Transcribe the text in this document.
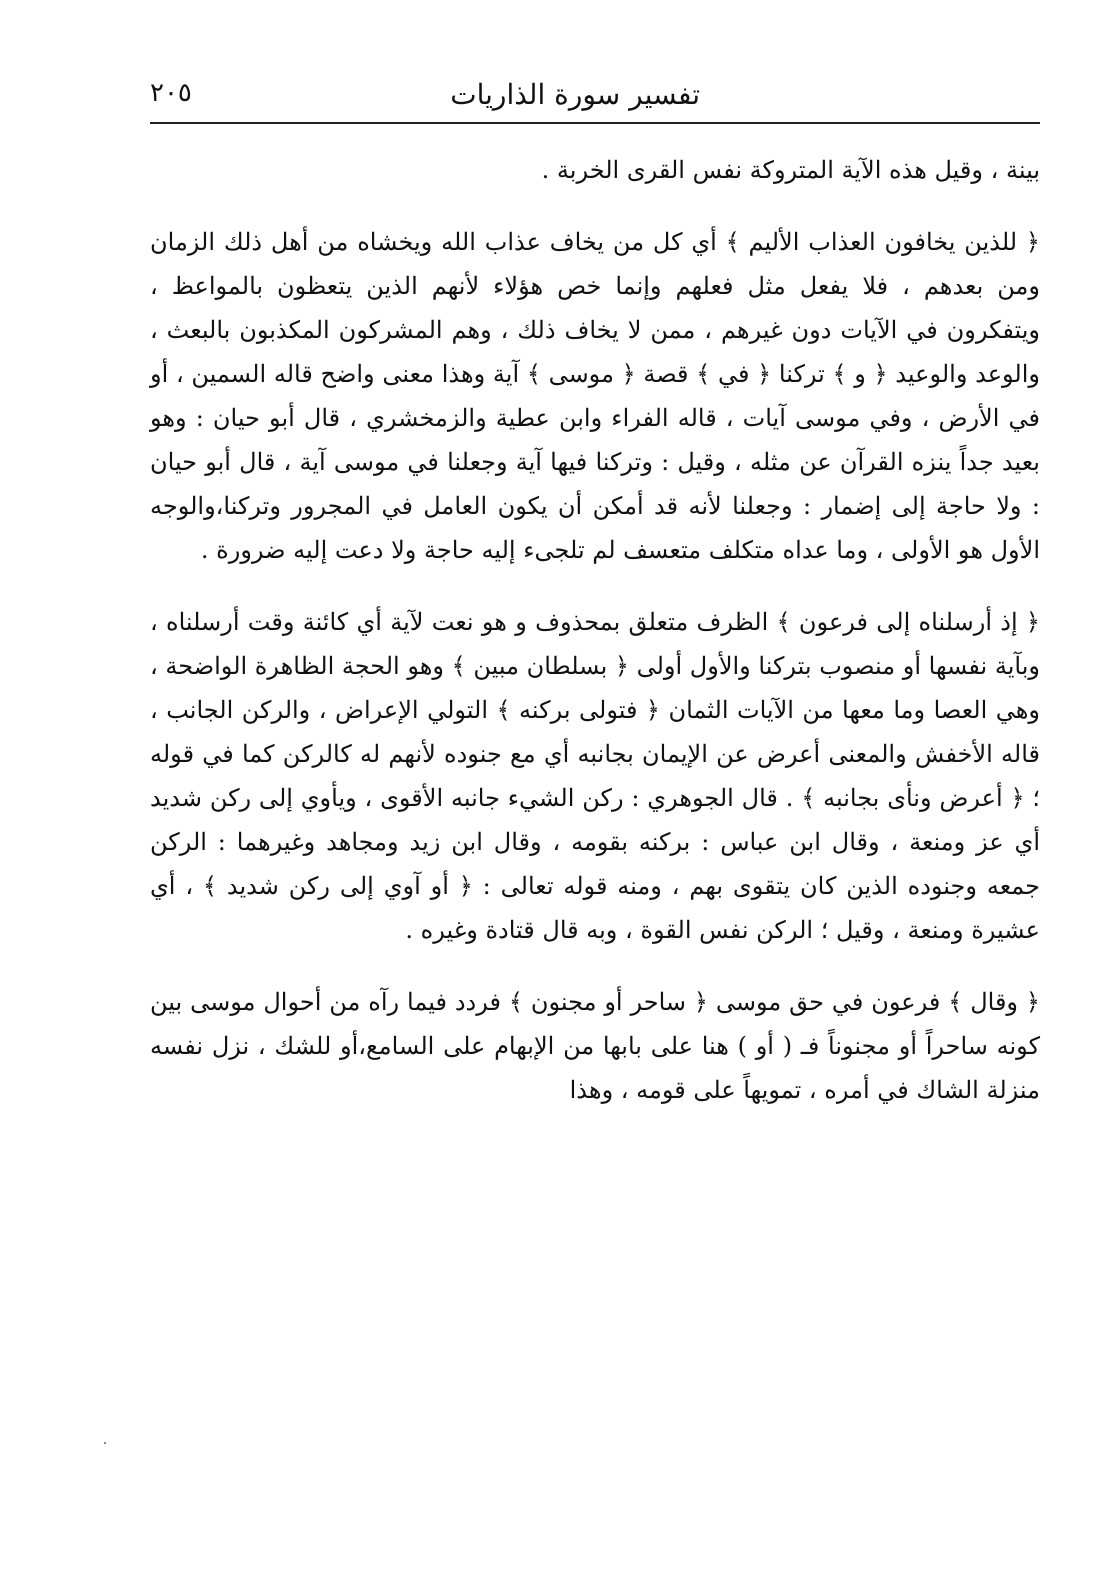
تفسير سورة الذاريات
٢٠٥

بينة ، وقيل هذه الآية المتروكة نفس القرى الخربة .

﴿ للذين يخافون العذاب الأليم ﴾ أي كل من يخاف عذاب الله ويخشاه من أهل ذلك الزمان ومن بعدهم ، فلا يفعل مثل فعلهم وإنما خص هؤلاء لأنهم الذين يتعظون بالمواعظ ، ويتفكرون في الآيات دون غيرهم ، ممن لا يخاف ذلك ، وهم المشركون المكذبون بالبعث ، والوعد والوعيد ﴿ و ﴾ تركنا ﴿ في ﴾ قصة ﴿ موسى ﴾ آية وهذا معنى واضح قاله السمين ، أو في الأرض ، وفي موسى آيات ، قاله الفراء وابن عطية والزمخشري ، قال أبو حيان : وهو بعيد جداً ينزه القرآن عن مثله ، وقيل : وتركنا فيها آية وجعلنا في موسى آية ، قال أبو حيان : ولا حاجة إلى إضمار : وجعلنا لأنه قد أمكن أن يكون العامل في المجرور وتركنا،والوجه الأول هو الأولى ، وما عداه متكلف متعسف لم تلجىء إليه حاجة ولا دعت إليه ضرورة .

﴿ إذ أرسلناه إلى فرعون ﴾ الظرف متعلق بمحذوف و هو نعت لآية أي كائنة وقت أرسلناه ، وبآية نفسها أو منصوب بتركنا والأول أولى ﴿ بسلطان مبين ﴾ وهو الحجة الظاهرة الواضحة ، وهي العصا وما معها من الآيات الثمان ﴿ فتولى بركنه ﴾ التولي الإعراض ، والركن الجانب ، قاله الأخفش والمعنى أعرض عن الإيمان بجانبه أي مع جنوده لأنهم له كالركن كما في قوله ؛ ﴿ أعرض ونأى بجانبه ﴾ . قال الجوهري : ركن الشيء جانبه الأقوى ، ويأوي إلى ركن شديد أي عز ومنعة ، وقال ابن عباس : بركنه بقومه ، وقال ابن زيد ومجاهد وغيرهما : الركن جمعه وجنوده الذين كان يتقوى بهم ، ومنه قوله تعالى : ﴿ أو آوي إلى ركن شديد ﴾ ، أي عشيرة ومنعة ، وقيل ؛ الركن نفس القوة ، وبه قال قتادة وغيره .

﴿ وقال ﴾ فرعون في حق موسى ﴿ ساحر أو مجنون ﴾ فردد فيما رآه من أحوال موسى بين كونه ساحراً أو مجنوناً فـ ( أو ) هنا على بابها من الإبهام على السامع،أو للشك ، نزل نفسه منزلة الشاك في أمره ، تمويهاً على قومه ، وهذا
